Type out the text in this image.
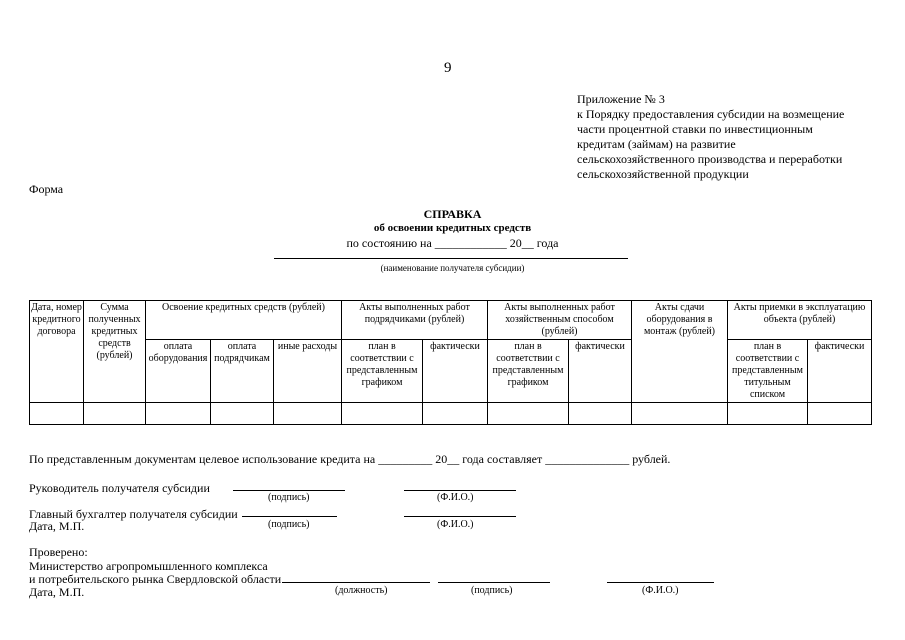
9
Приложение № 3
к Порядку предоставления субсидии на возмещение
части процентной ставки по инвестиционным
кредитам (займам) на развитие
сельскохозяйственного производства и переработки
сельскохозяйственной продукции
Форма
СПРАВКА
об освоении кредитных средств
по состоянию на ____________ 20__ года
(наименование получателя субсидии)
Дата, номер кредитного договора	Сумма полученных кредитных средств (рублей)	Освоение кредитных средств (рублей)			Акты выполненных работ подрядчиками (рублей)		Акты выполненных работ хозяйственным способом (рублей)		Акты сдачи оборудования в монтаж (рублей)	Акты приемки в эксплуатацию объекта (рублей)	
		оплата оборудования	оплата подрядчикам	иные расходы	план в соответствии с представленным графиком	фактически	план в соответствии с представленным графиком	фактически		план в соответствии с представленным титульным списком	фактически

По представленным документам целевое использование кредита на _________ 20__ года составляет ______________ рублей.
Руководитель получателя субсидии
(подпись)	(Ф.И.О.)
Главный бухгалтер получателя субсидии
Дата, М.П.	(подпись)	(Ф.И.О.)
Проверено:
Министерство агропромышленного комплекса
и потребительского рынка Свердловской области
Дата, М.П.	(должность)	(подпись)	(Ф.И.О.)
